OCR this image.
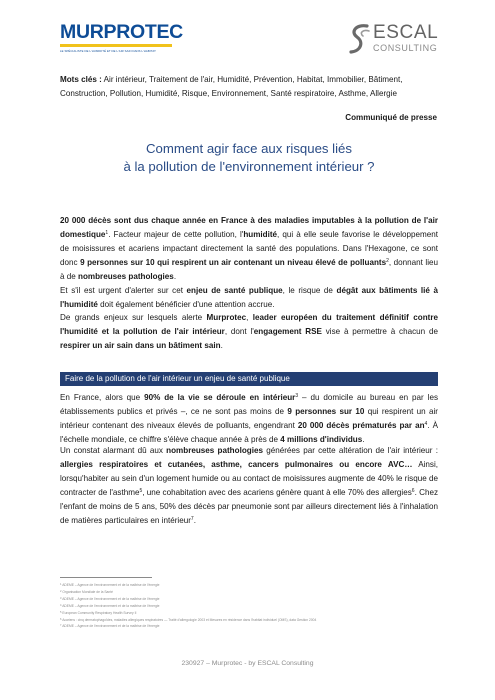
MURPROTEC
LE SPÉCIALISTE DE L'HUMIDITÉ ET DE L'AIR SAIN DANS L'HABITAT
ESCAL
CONSULTING
Mots clés : Air intérieur, Traitement de l'air, Humidité, Prévention, Habitat, Immobilier, Bâtiment, Construction, Pollution, Humidité, Risque, Environnement, Santé respiratoire, Asthme, Allergie
Communiqué de presse
Comment agir face aux risques liés
à la pollution de l'environnement intérieur ?
20 000 décès sont dus chaque année en France à des maladies imputables à la pollution de l'air domestique$^1$. Facteur majeur de cette pollution, l'humidité, qui à elle seule favorise le développement de moisissures et acariens impactant directement la santé des populations. Dans l'Hexagone, ce sont donc 9 personnes sur 10 qui respirent un air contenant un niveau élevé de polluants$^2$, donnant lieu à de nombreuses pathologies.
Et s'il est urgent d'alerter sur cet enjeu de santé publique, le risque de dégât aux bâtiments lié à l'humidité doit également bénéficier d'une attention accrue.
De grands enjeux sur lesquels alerte Murprotec, leader européen du traitement définitif contre l'humidité et la pollution de l'air intérieur, dont l'engagement RSE vise à permettre à chacun de respirer un air sain dans un bâtiment sain.
Faire de la pollution de l'air intérieur un enjeu de santé publique
En France, alors que 90% de la vie se déroule en intérieur$^3$ – du domicile au bureau en par les établissements publics et privés –, ce ne sont pas moins de 9 personnes sur 10 qui respirent un air intérieur contenant des niveaux élevés de polluants, engendrant 20 000 décès prématurés par $an^4$. À l'échelle mondiale, ce chiffre s'élève chaque année à près de 4 millions d'individus.
Un constat alarmant dû aux nombreuses pathologies générées par cette altération de l'air intérieur : allergies respiratoires et cutanées, asthme, cancers pulmonaires ou encore AVC… Ainsi, lorsqu'habiter au sein d'un logement humide ou au contact de moisissures augmente de 40% le risque de contracter de l'asthme$^5$, une cohabitation avec des acariens génère quant à elle 70% des allergies$^6$. Chez l'enfant de moins de 5 ans, 50% des décès par pneumonie sont par ailleurs directement liés à l'inhalation de matières particulaires en intérieur$^7$.
$^1$ ADEME – Agence de l'environnement et de la maîtrise de l'énergie
$^2$ Organisation Mondiale de la Santé
$^3$ ADEME – Agence de l'environnement et de la maîtrise de l'énergie
$^4$ ADEME – Agence de l'environnement et de la maîtrise de l'énergie
$^5$ European Community Respiratory Health Survey II
$^6$ Acariens : cinq dermatophagoïdes, maladies allergiques respiratoires — Traité d'allergologie 2003 et Mesures en résidence dans l'habitat individuel (OMS), data Gestion 2004
$^7$ ADEME – Agence de l'environnement et de la maîtrise de l'énergie
230927 – Murprotec - by ESCAL Consulting
